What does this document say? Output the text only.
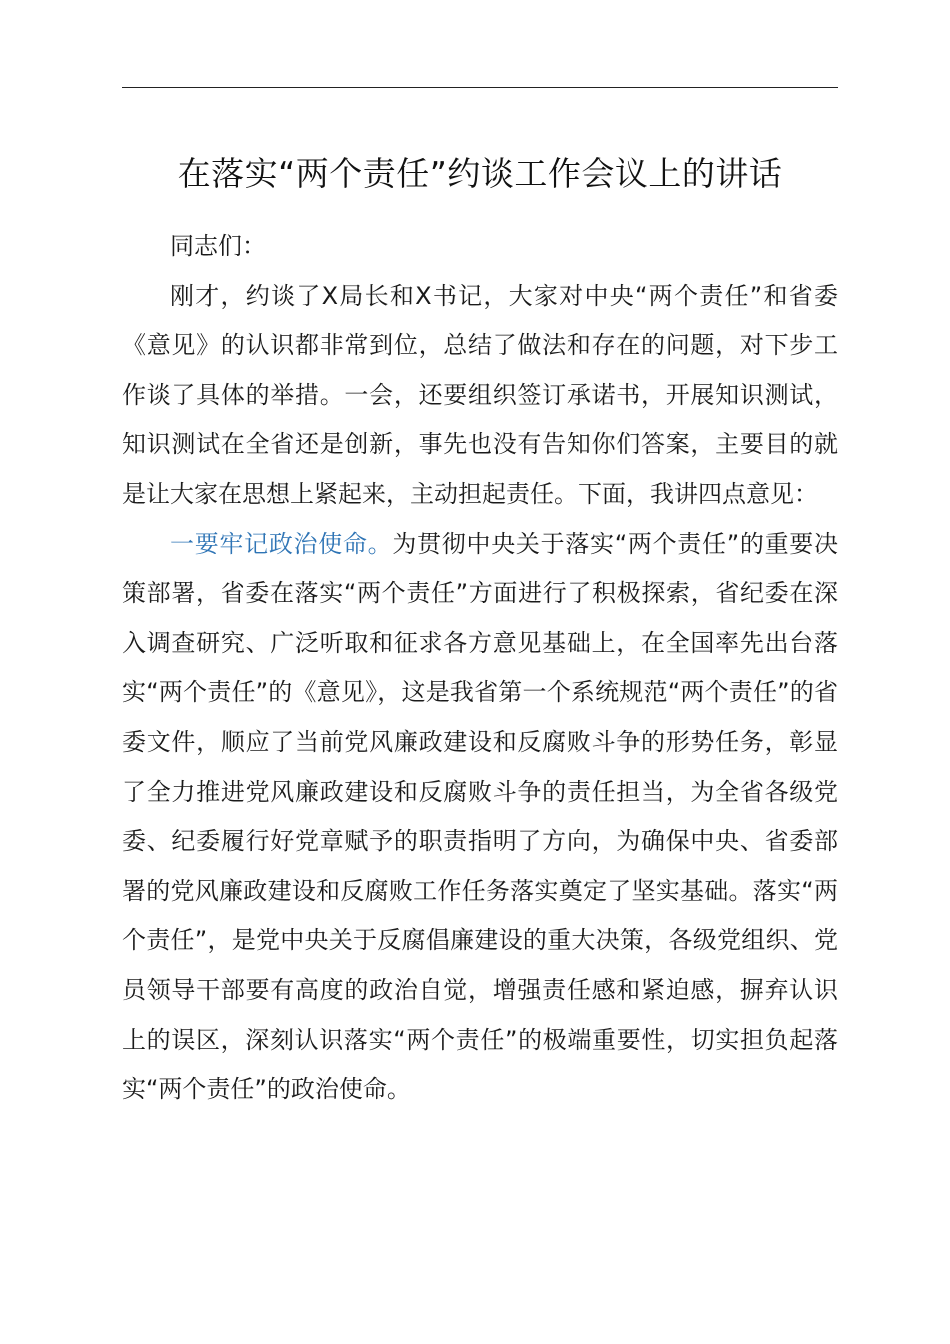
在落实“两个责任”约谈工作会议上的讲话

同志们：

刚才，约谈了X局长和X书记，大家对中央“两个责任”和省委《意见》的认识都非常到位，总结了做法和存在的问题，对下步工作谈了具体的举措。一会，还要组织签订承诺书，开展知识测试，知识测试在全省还是创新，事先也没有告知你们答案，主要目的就是让大家在思想上紧起来，主动担起责任。下面，我讲四点意见：

一要牢记政治使命。为贯彻中央关于落实“两个责任”的重要决策部署，省委在落实“两个责任”方面进行了积极探索，省纪委在深入调查研究、广泛听取和征求各方意见基础上，在全国率先出台落实“两个责任”的《意见》，这是我省第一个系统规范“两个责任”的省委文件，顺应了当前党风廉政建设和反腐败斗争的形势任务，彰显了全力推进党风廉政建设和反腐败斗争的责任担当，为全省各级党委、纪委履行好党章赋予的职责指明了方向，为确保中央、省委部署的党风廉政建设和反腐败工作任务落实奠定了坚实基础。落实“两个责任”，是党中央关于反腐倡廉建设的重大决策，各级党组织、党员领导干部要有高度的政治自觉，增强责任感和紧迫感，摒弃认识上的误区，深刻认识落实“两个责任”的极端重要性，切实担负起落实“两个责任”的政治使命。
